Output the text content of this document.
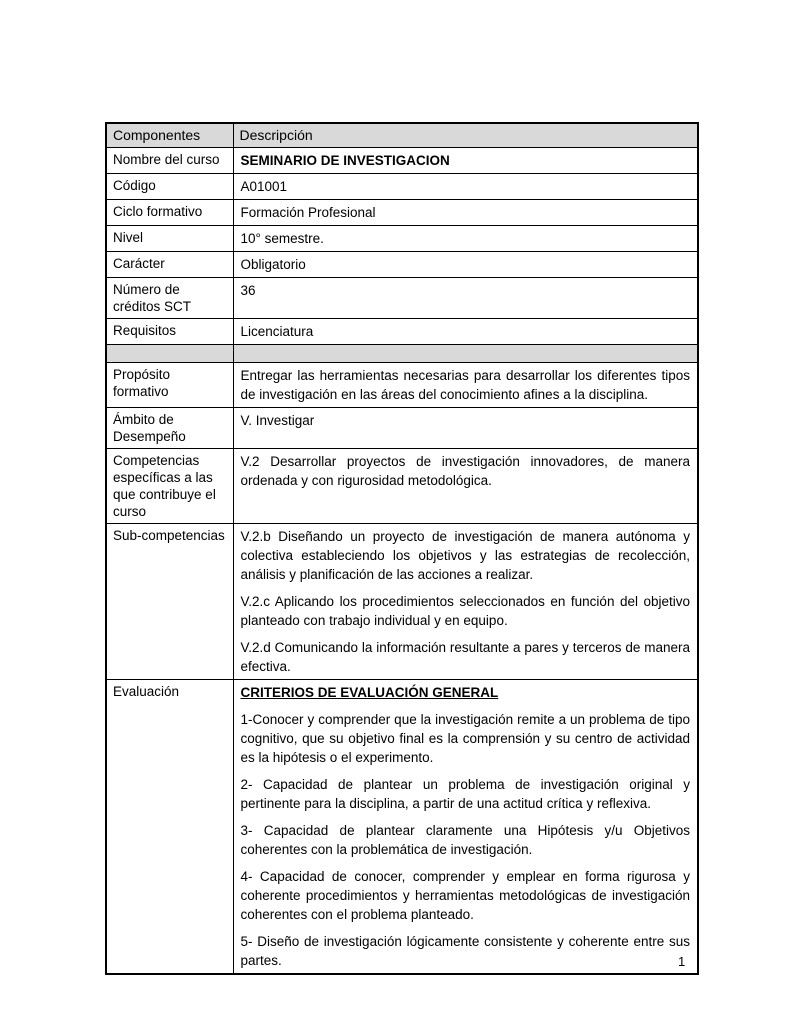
Componentes	Descripción
Nombre del curso	SEMINARIO DE INVESTIGACION
Código	A01001
Ciclo formativo	Formación Profesional
Nivel	10° semestre.
Carácter	Obligatorio
Número de créditos SCT	36
Requisitos	Licenciatura

Propósito formativo	Entregar las herramientas necesarias para desarrollar los diferentes tipos de investigación en las áreas del conocimiento afines a la disciplina.

Ámbito de Desempeño	V. Investigar

Competencias específicas a las que contribuye el curso	V.2 Desarrollar proyectos de investigación innovadores, de manera ordenada y con rigurosidad metodológica.

Sub-competencias	V.2.b Diseñando un proyecto de investigación de manera autónoma y colectiva estableciendo los objetivos y las estrategias de recolección, análisis y planificación de las acciones a realizar.

V.2.c Aplicando los procedimientos seleccionados en función del objetivo planteado con trabajo individual y en equipo.

V.2.d Comunicando la información resultante a pares y terceros de manera efectiva.

Evaluación	CRITERIOS DE EVALUACIÓN GENERAL

1-Conocer y comprender que la investigación remite a un problema de tipo cognitivo, que su objetivo final es la comprensión y su centro de actividad es la hipótesis o el experimento.

2- Capacidad de plantear un problema de investigación original y pertinente para la disciplina, a partir de una actitud crítica y reflexiva.

3- Capacidad de plantear claramente una Hipótesis y/u Objetivos coherentes con la problemática de investigación.

4- Capacidad de conocer, comprender y emplear en forma rigurosa y coherente procedimientos y herramientas metodológicas de investigación coherentes con el problema planteado.

5- Diseño de investigación lógicamente consistente y coherente entre sus partes.	1
